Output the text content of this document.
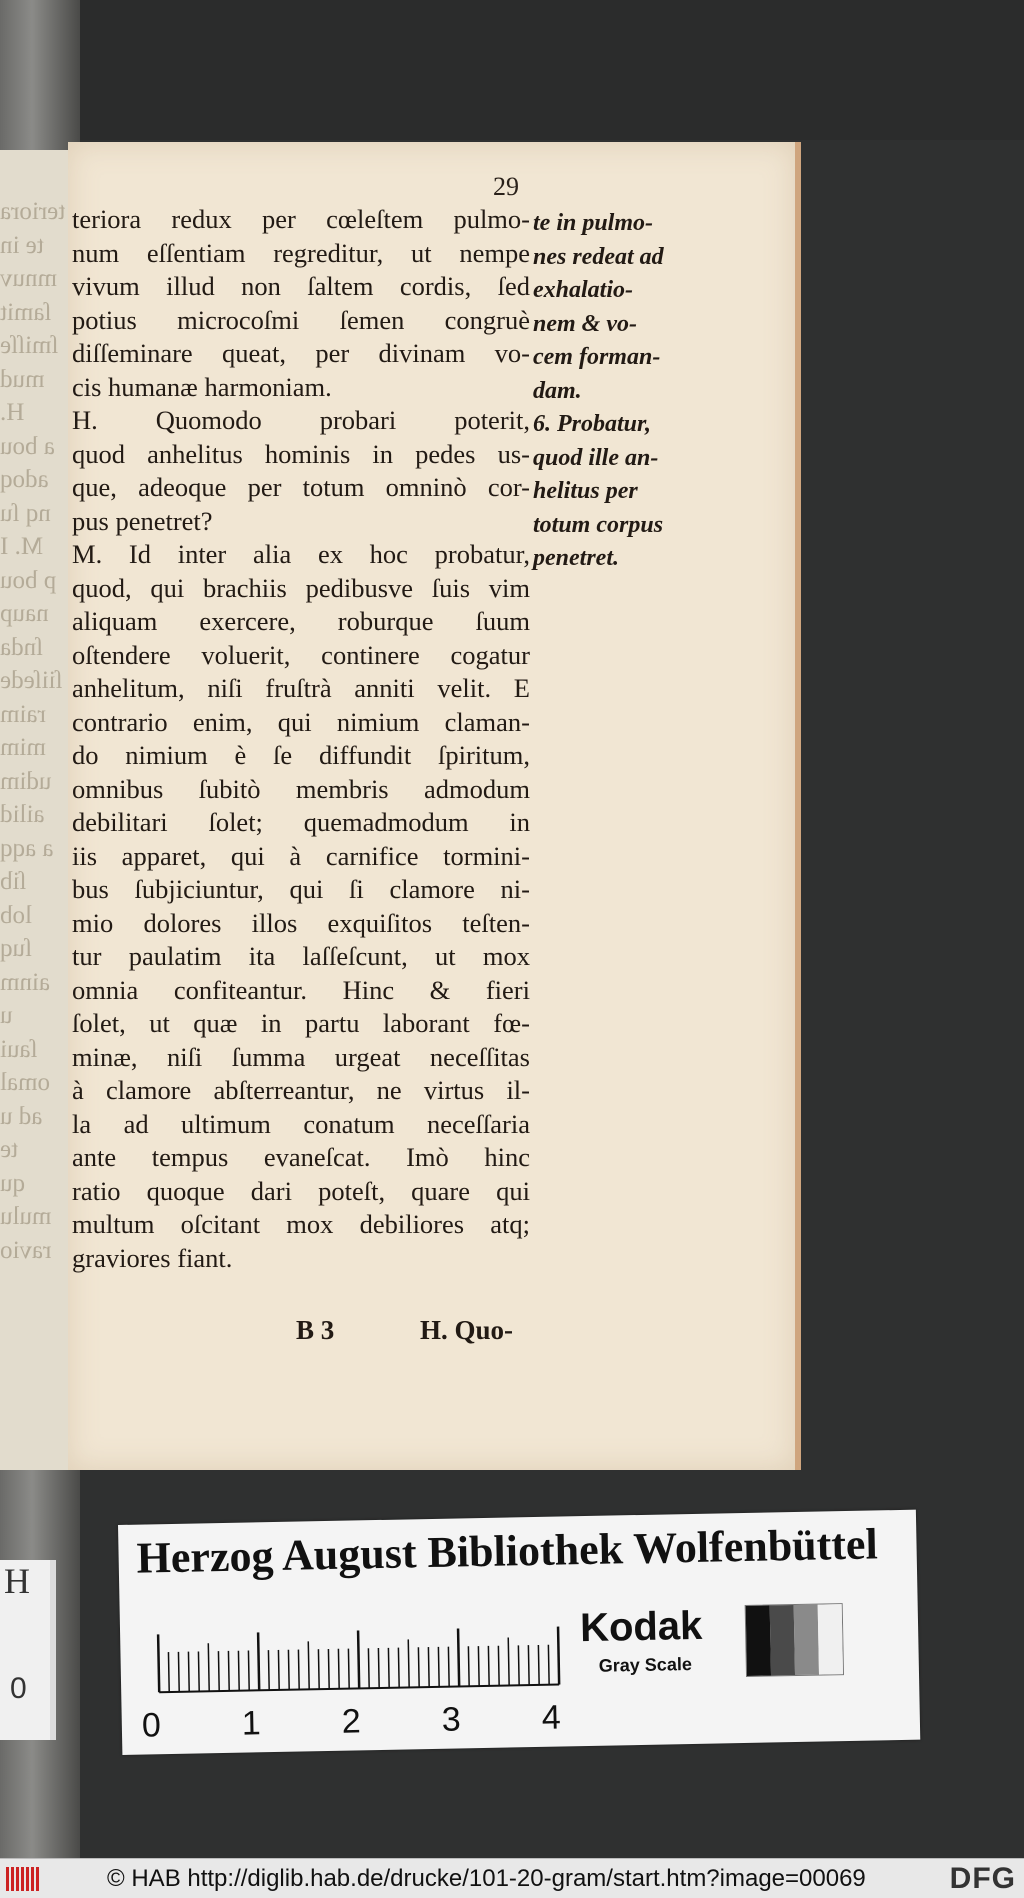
teriora
te in
mnuv
ſamit
ſmiſſe
mud
H.
a bou
adoq
nq ſu
M. I
p bou
naup
ſnda
ſiiſede
raim
mim
udim
ailid
a aqq
ſib
lob
ſuq
ainm
u
ſaui
omal
ad u
te
qu
mulu
ravio
29
teriora redux per cœleſtem pulmo-
num eſſentiam regreditur, ut nempe
vivum illud non ſaltem cordis, ſed
potius microcoſmi ſemen congruè
diſſeminare queat, per divinam vo-
cis humanæ harmoniam.
H. Quomodo probari poterit,
quod anhelitus hominis in pedes us-
que, adeoque per totum omninò cor-
pus penetret?
M. Id inter alia ex hoc probatur,
quod, qui brachiis pedibusve ſuis vim
aliquam exercere, roburque ſuum
oſtendere voluerit, continere cogatur
anhelitum, niſi fruſtrà anniti velit. E
contrario enim, qui nimium claman-
do nimium è ſe diffundit ſpiritum,
omnibus ſubitò membris admodum
debilitari ſolet; quemadmodum in
iis apparet, qui à carnifice tormini-
bus ſubjiciuntur, qui ſi clamore ni-
mio dolores illos exquiſitos teſten-
tur paulatim ita laſſeſcunt, ut mox
omnia confiteantur. Hinc & fieri
ſolet, ut quæ in partu laborant fœ-
minæ, niſi ſumma urgeat neceſſitas
à clamore abſterreantur, ne virtus il-
la ad ultimum conatum neceſſaria
ante tempus evaneſcat. Imò hinc
ratio quoque dari poteſt, quare qui
multum oſcitant mox debiliores atq;
graviores fiant.
te in pulmo-
nes redeat ad
exhalatio-
nem & vo-
cem forman-
dam.
6. Probatur,
quod ille an-
helitus per
totum corpus
penetret.
B 3	H. Quo-
H
0
Herzog August Bibliothek Wolfenbüttel
0 1 2 3 4
Kodak
Gray Scale
© HAB http://diglib.hab.de/drucke/101-20-gram/start.htm?image=00069	DFG
